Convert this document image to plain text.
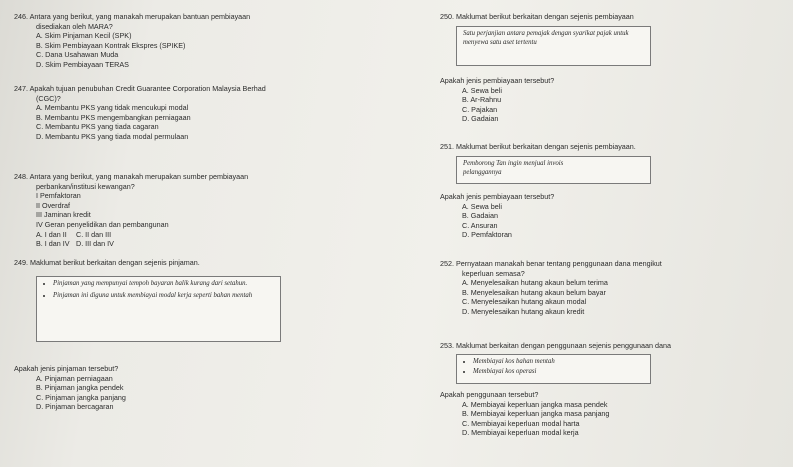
246. Antara yang berikut, yang manakah merupakan bantuan pembiayaan
disediakan oleh MARA?
A. Skim Pinjaman Kecil (SPK)
B. Skim Pembiayaan Kontrak Ekspres (SPIKE)
C. Dana Usahawan Muda
D. Skim Pembiayaan TERAS
247. Apakah tujuan penubuhan Credit Guarantee Corporation Malaysia Berhad
(CGC)?
A. Membantu PKS yang tidak mencukupi modal
B. Membantu PKS mengembangkan perniagaan
C. Membantu PKS yang tiada cagaran
D. Membantu PKS yang tiada modal permulaan
248. Antara yang berikut, yang manakah merupakan sumber pembiayaan
perbankan/institusi kewangan?
I Pemfaktoran
II Overdraf
III Jaminan kredit
IV Geran penyelidikan dan pembangunan
A. I dan II	C. II dan III
B. I dan IV D. III dan IV
249. Maklumat berikut berkaitan dengan sejenis pinjaman.
• Pinjaman yang mempunyai tempoh bayaran balik kurang dari setahun.
• Pinjaman ini diguna untuk membiayai modal kerja seperti bahan mentah
Apakah jenis pinjaman tersebut?
A. Pinjaman perniagaan
B. Pinjaman jangka pendek
C. Pinjaman jangka panjang
D. Pinjaman bercagaran
250. Maklumat berikut berkaitan dengan sejenis pembiayaan
Satu perjanjian antara pemajak dengan syarikat pajak untuk menyewa satu aset tertentu
Apakah jenis pembiayaan tersebut?
A. Sewa beli
B. Ar-Rahnu
C. Pajakan
D. Gadaian
251. Maklumat berikut berkaitan dengan sejenis pembiayaan.
Pemborong Tan ingin menjual invois
pelanggannya
Apakah jenis pembiayaan tersebut?
A. Sewa beli
B. Gadaian
C. Ansuran
D. Pemfaktoran
252. Pernyataan manakah benar tentang penggunaan dana mengikut
keperluan semasa?
A. Menyelesaikan hutang akaun belum terima
B. Menyelesaikan hutang akaun belum bayar
C. Menyelesaikan hutang akaun modal
D. Menyelesaikan hutang akaun kredit
253. Maklumat berkaitan dengan penggunaan sejenis penggunaan dana
• Membiayai kos bahan mentah
• Membiayai kos operasi
Apakah penggunaan tersebut?
A. Membiayai keperluan jangka masa pendek
B. Membiayai keperluan jangka masa panjang
C. Membiayai keperluan modal harta
D. Membiayai keperluan modal kerja
